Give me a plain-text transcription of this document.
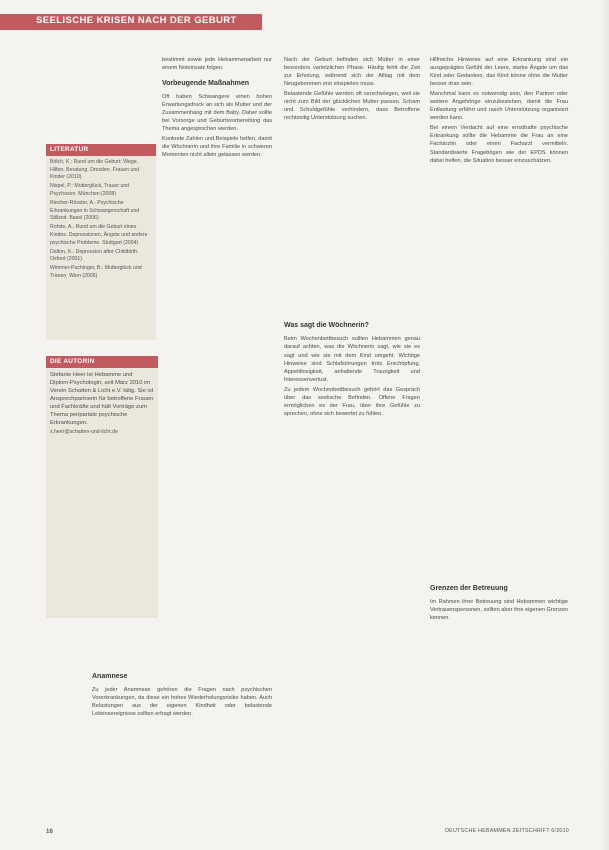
SEELISCHE KRISEN NACH DER GEBURT

bestimmt sowie jede Hebammenarbeit nur einem Noteinsatz folgen.

Vorbeugende Maßnahmen

Oft haben Schwangere einen hohen Erwartungsdruck an sich als Mutter und der Zusammenhang mit dem Baby. Daher sollte bei Vorsorge und Geburtsvorbereitung das Thema angesprochen werden.

Konkrete Zahlen und Beispiele helfen, damit die Wöchnerin und ihre Familie in schweren Momenten nicht allein gelassen werden.

LITERATUR

Bölch, K.: Rund um die Geburt: Wege, Hilfen, Beratung. Dresden. Frauen und Kinder (2010)

Nispel, P.: Mutterglück, Trauer und Psychosen. München (2008)

Riecher-Rössler, A.: Psychische Erkrankungen in Schwangerschaft und Stillzeit. Basel (2006)

Rohde, A.: Rund um die Geburt eines Kindes. Depressionen, Ängste und andere psychische Probleme. Stuttgart (2004)

Dalton, K.: Depression after Childbirth. Oxford (2001)

Wimmer-Puchinger, B.: Mutterglück und Tränen. Wien (2005)

DIE AUTORIN
Stefanie Heer ist Hebamme und Diplom-Psychologin, seit März 2010 im Verein Schatten & Licht e.V. tätig. Sie ist Ansprechpartnerin für betroffene Frauen und Fachkräfte und hält Vorträge zum Thema peripartale psychische Erkrankungen.
s.heer@schatten-und-licht.de
Anamnese

Zu jeder Anamnese gehören die Fragen nach psychischen Vorerkrankungen, da diese ein hohes Wiederholungsrisiko haben. Auch Belastungen aus der eigenen Kindheit oder belastende Lebensereignisse sollten erfragt werden.

Nach der Geburt befinden sich Mütter in einer besonders verletzlichen Phase. Häufig fehlt die Zeit zur Erholung, während sich der Alltag mit dem Neugeborenen erst einspielen muss.

Belastende Gefühle werden oft verschwiegen, weil sie nicht zum Bild der glücklichen Mutter passen. Scham und Schuldgefühle verhindern, dass Betroffene rechtzeitig Unterstützung suchen.

Was sagt die Wöchnerin?

Beim Wochenbettbesuch sollten Hebammen genau darauf achten, was die Wöchnerin sagt, wie sie es sagt und wie sie mit dem Kind umgeht. Wichtige Hinweise sind Schlafstörungen trotz Erschöpfung, Appetitlosigkeit, anhaltende Traurigkeit und Interessenverlust.

Zu jedem Wochenbettbesuch gehört das Gespräch über das seelische Befinden. Offene Fragen ermöglichen es der Frau, über ihre Gefühle zu sprechen, ohne sich bewertet zu fühlen.

Hilfreiche Hinweise auf eine Erkrankung sind ein ausgeprägtes Gefühl der Leere, starke Ängste um das Kind oder Gedanken, das Kind könne ohne die Mutter besser dran sein.

Manchmal kann es notwendig sein, den Partner oder weitere Angehörige einzubeziehen, damit die Frau Entlastung erfährt und rasch Unterstützung organisiert werden kann.

Bei einem Verdacht auf eine ernsthafte psychische Erkrankung sollte die Hebamme die Frau an eine Fachärztin oder einen Facharzt vermitteln. Standardisierte Fragebögen wie der EPDS können dabei helfen, die Situation besser einzuschätzen.

Grenzen der Betreuung

Im Rahmen ihrer Betreuung sind Hebammen wichtige Vertrauenspersonen, sollten aber ihre eigenen Grenzen kennen.

16	DEUTSCHE HEBAMMEN ZEITSCHRIFT 6/2010
